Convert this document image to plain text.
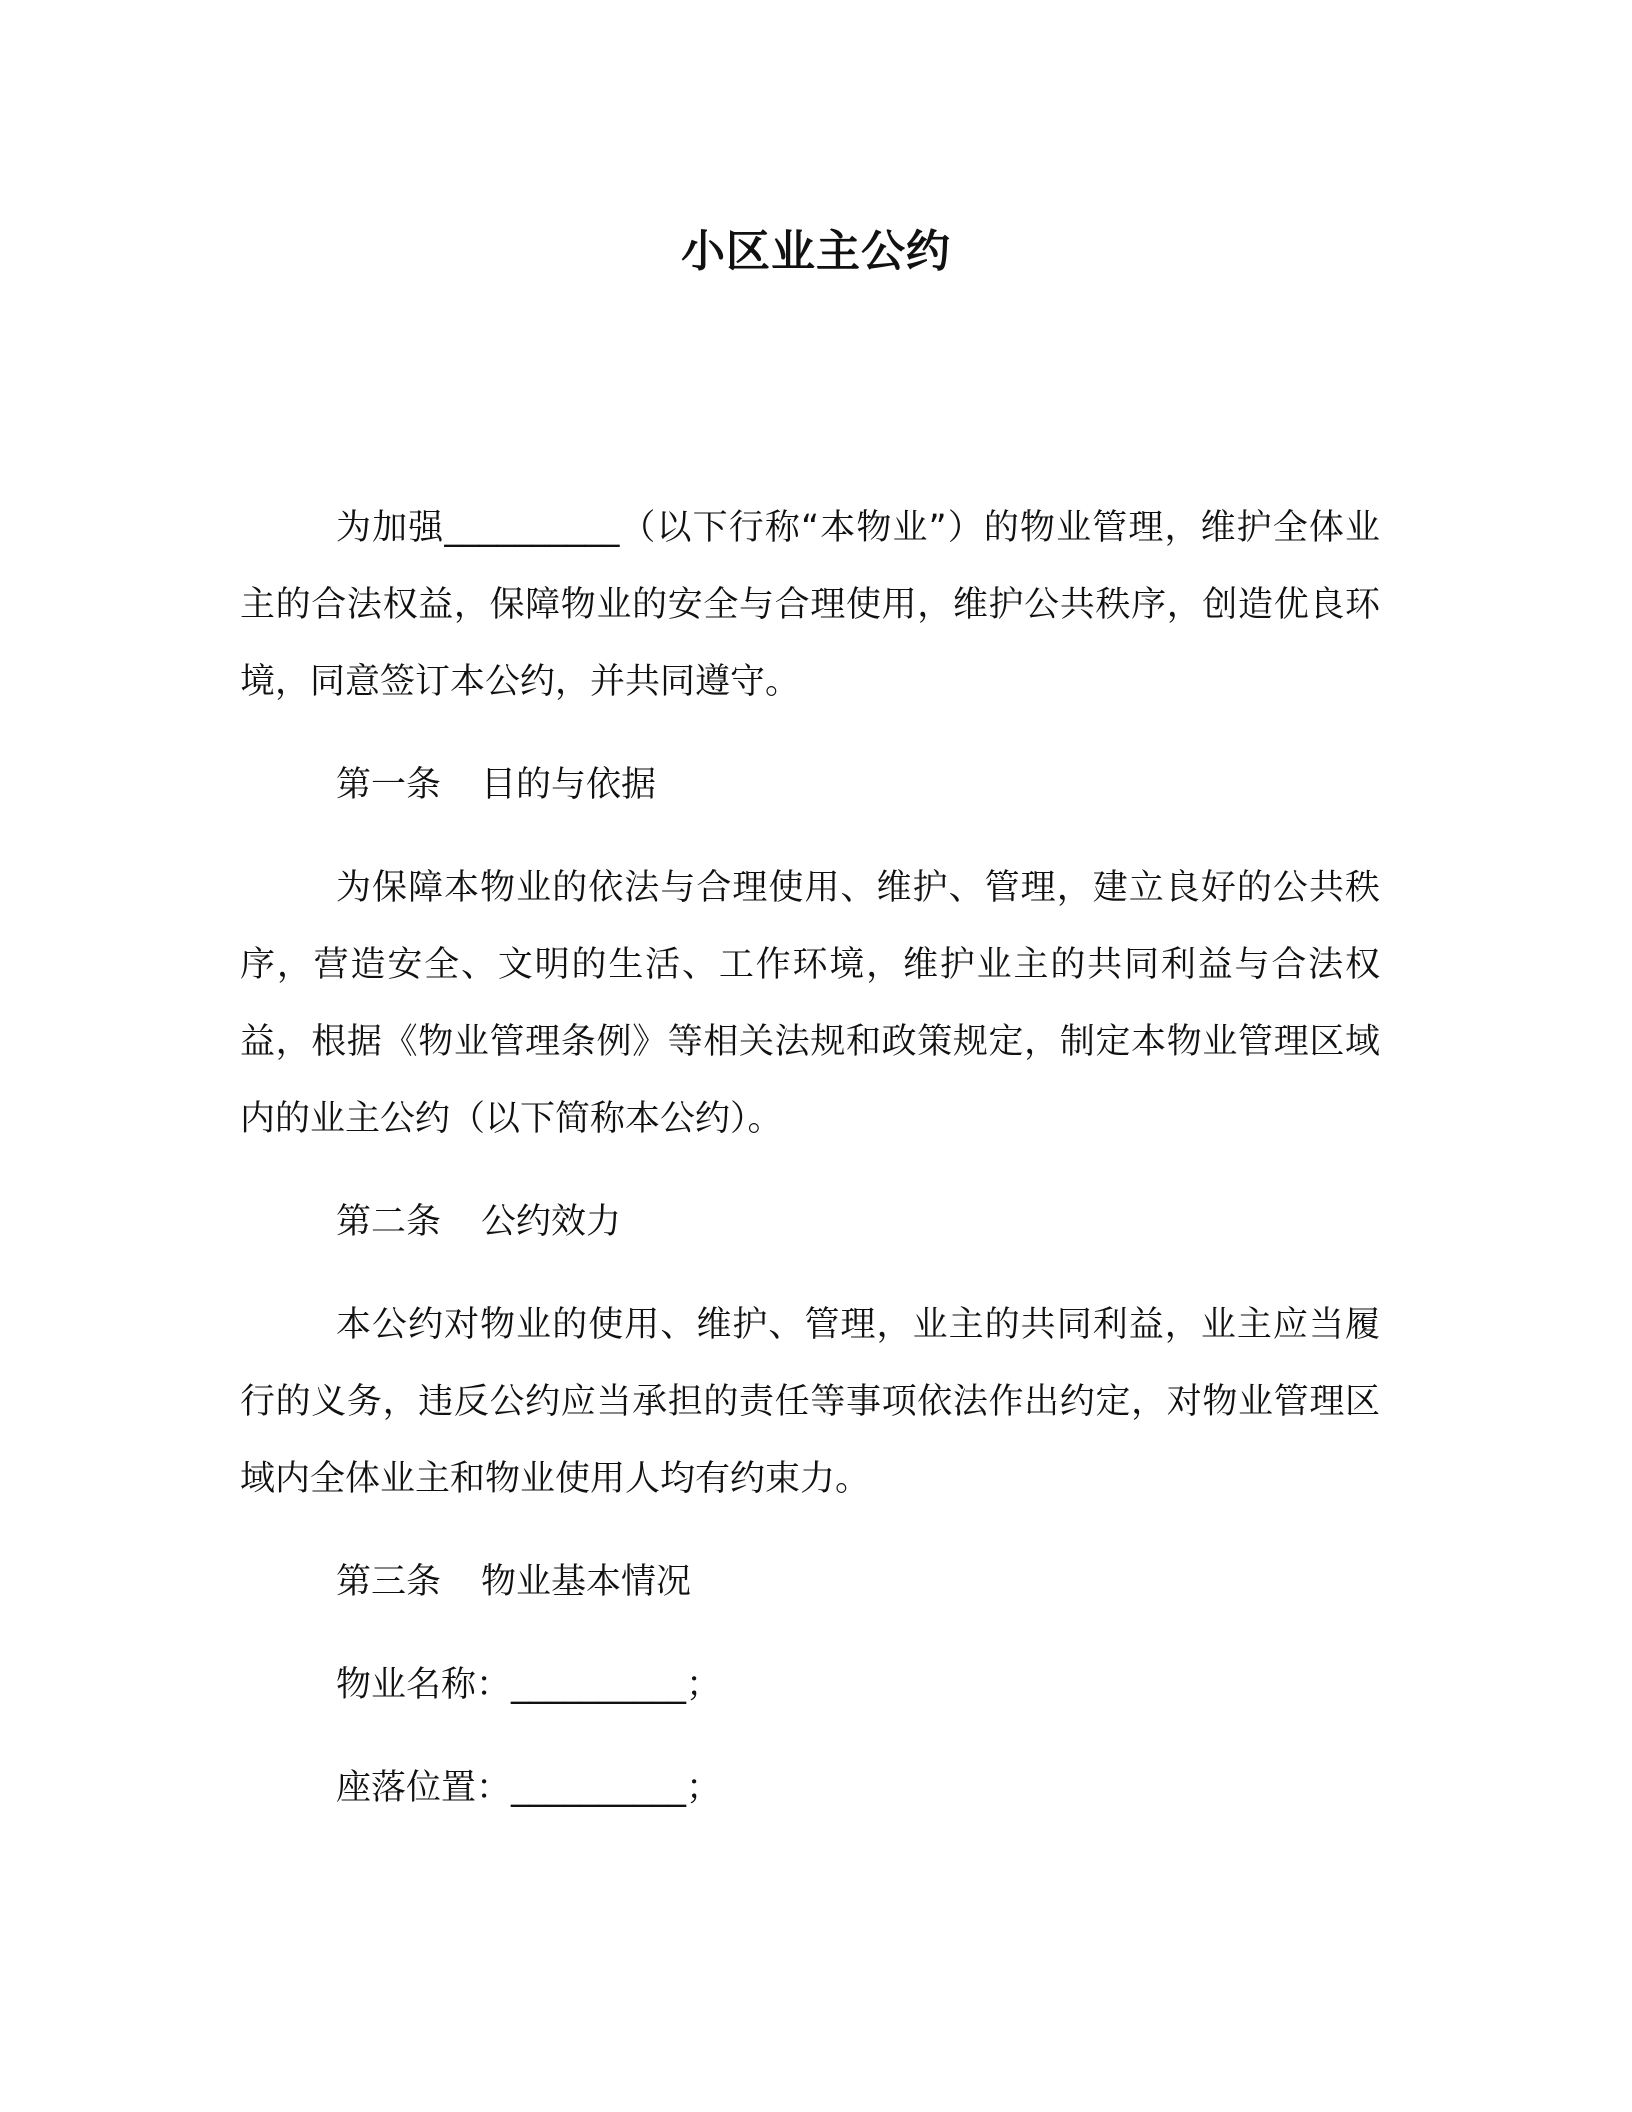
小区业主公约

为加强__________（以下行称“本物业”）的物业管理，维护全体业主的合法权益，保障物业的安全与合理使用，维护公共秩序，创造优良环境，同意签订本公约，并共同遵守。

第一条 目的与依据

为保障本物业的依法与合理使用、维护、管理，建立良好的公共秩序，营造安全、文明的生活、工作环境，维护业主的共同利益与合法权益，根据《物业管理条例》等相关法规和政策规定，制定本物业管理区域内的业主公约（以下简称本公约）。

第二条 公约效力

本公约对物业的使用、维护、管理，业主的共同利益，业主应当履行的义务，违反公约应当承担的责任等事项依法作出约定，对物业管理区域内全体业主和物业使用人均有约束力。

第三条 物业基本情况

物业名称：__________；

座落位置：__________；
